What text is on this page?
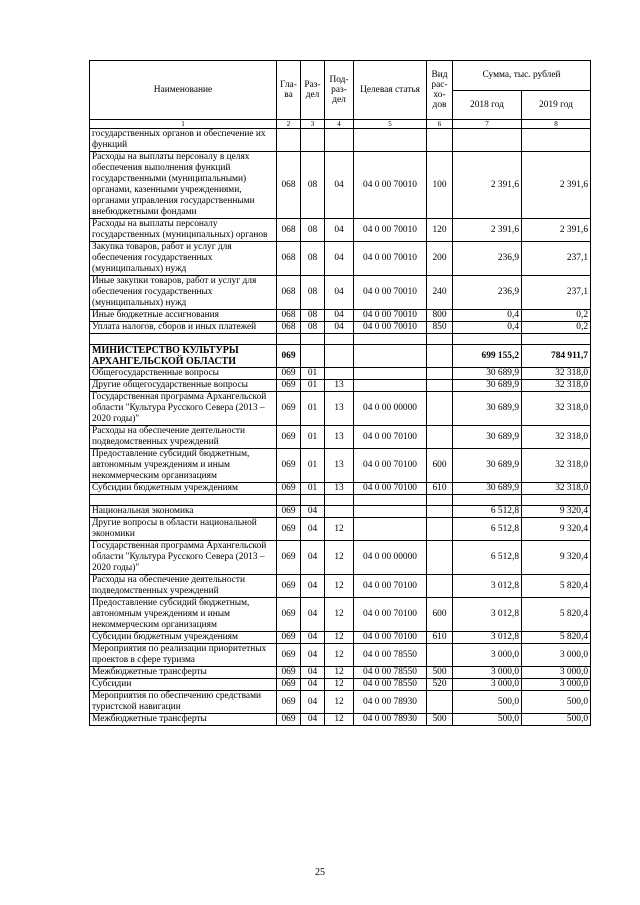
Наименование	Гла-ва	Раз-дел	Под-раз-дел	Целевая статья	Вид рас-хо-дов	Сумма, тыс. рублей	
						2018 год	2019 год
1	2	3	4	5	6	7	8
государственных органов и обеспечение их функций							
Расходы на выплаты персоналу в целях обеспечения выполнения функций государственными (муниципальными) органами, казенными учреждениями, органами управления государственными внебюджетными фондами	068	08	04	04 0 00 70010	100	2 391,6	2 391,6
Расходы на выплаты персоналу государственных (муниципальных) органов	068	08	04	04 0 00 70010	120	2 391,6	2 391,6
Закупка товаров, работ и услуг для обеспечения государственных (муниципальных) нужд	068	08	04	04 0 00 70010	200	236,9	237,1
Иные закупки товаров, работ и услуг для обеспечения государственных (муниципальных) нужд	068	08	04	04 0 00 70010	240	236,9	237,1
Иные бюджетные ассигнования	068	08	04	04 0 00 70010	800	0,4	0,2
Уплата налогов, сборов и иных платежей	068	08	04	04 0 00 70010	850	0,4	0,2

МИНИСТЕРСТВО КУЛЬТУРЫ АРХАНГЕЛЬСКОЙ ОБЛАСТИ	069					699 155,2	784 911,7
Общегосударственные вопросы	069	01				30 689,9	32 318,0
Другие общегосударственные вопросы	069	01	13			30 689,9	32 318,0
Государственная программа Архангельской области "Культура Русского Севера (2013 – 2020 годы)"	069	01	13	04 0 00 00000		30 689,9	32 318,0
Расходы на обеспечение деятельности подведомственных учреждений	069	01	13	04 0 00 70100		30 689,9	32 318,0
Предоставление субсидий бюджетным, автономным учреждениям и иным некоммерческим организациям	069	01	13	04 0 00 70100	600	30 689,9	32 318,0
Субсидии бюджетным учреждениям	069	01	13	04 0 00 70100	610	30 689,9	32 318,0

Национальная экономика	069	04				6 512,8	9 320,4
Другие вопросы в области национальной экономики	069	04	12			6 512,8	9 320,4
Государственная программа Архангельской области "Культура Русского Севера (2013 – 2020 годы)"	069	04	12	04 0 00 00000		6 512,8	9 320,4
Расходы на обеспечение деятельности подведомственных учреждений	069	04	12	04 0 00 70100		3 012,8	5 820,4
Предоставление субсидий бюджетным, автономным учреждениям и иным некоммерческим организациям	069	04	12	04 0 00 70100	600	3 012,8	5 820,4
Субсидии бюджетным учреждениям	069	04	12	04 0 00 70100	610	3 012,8	5 820,4
Мероприятия по реализации приоритетных проектов в сфере туризма	069	04	12	04 0 00 78550		3 000,0	3 000,0
Межбюджетные трансферты	069	04	12	04 0 00 78550	500	3 000,0	3 000,0
Субсидии	069	04	12	04 0 00 78550	520	3 000,0	3 000,0
Мероприятия по обеспечению средствами туристской навигации	069	04	12	04 0 00 78930		500,0	500,0
Межбюджетные трансферты	069	04	12	04 0 00 78930	500	500,0	500,0
25
